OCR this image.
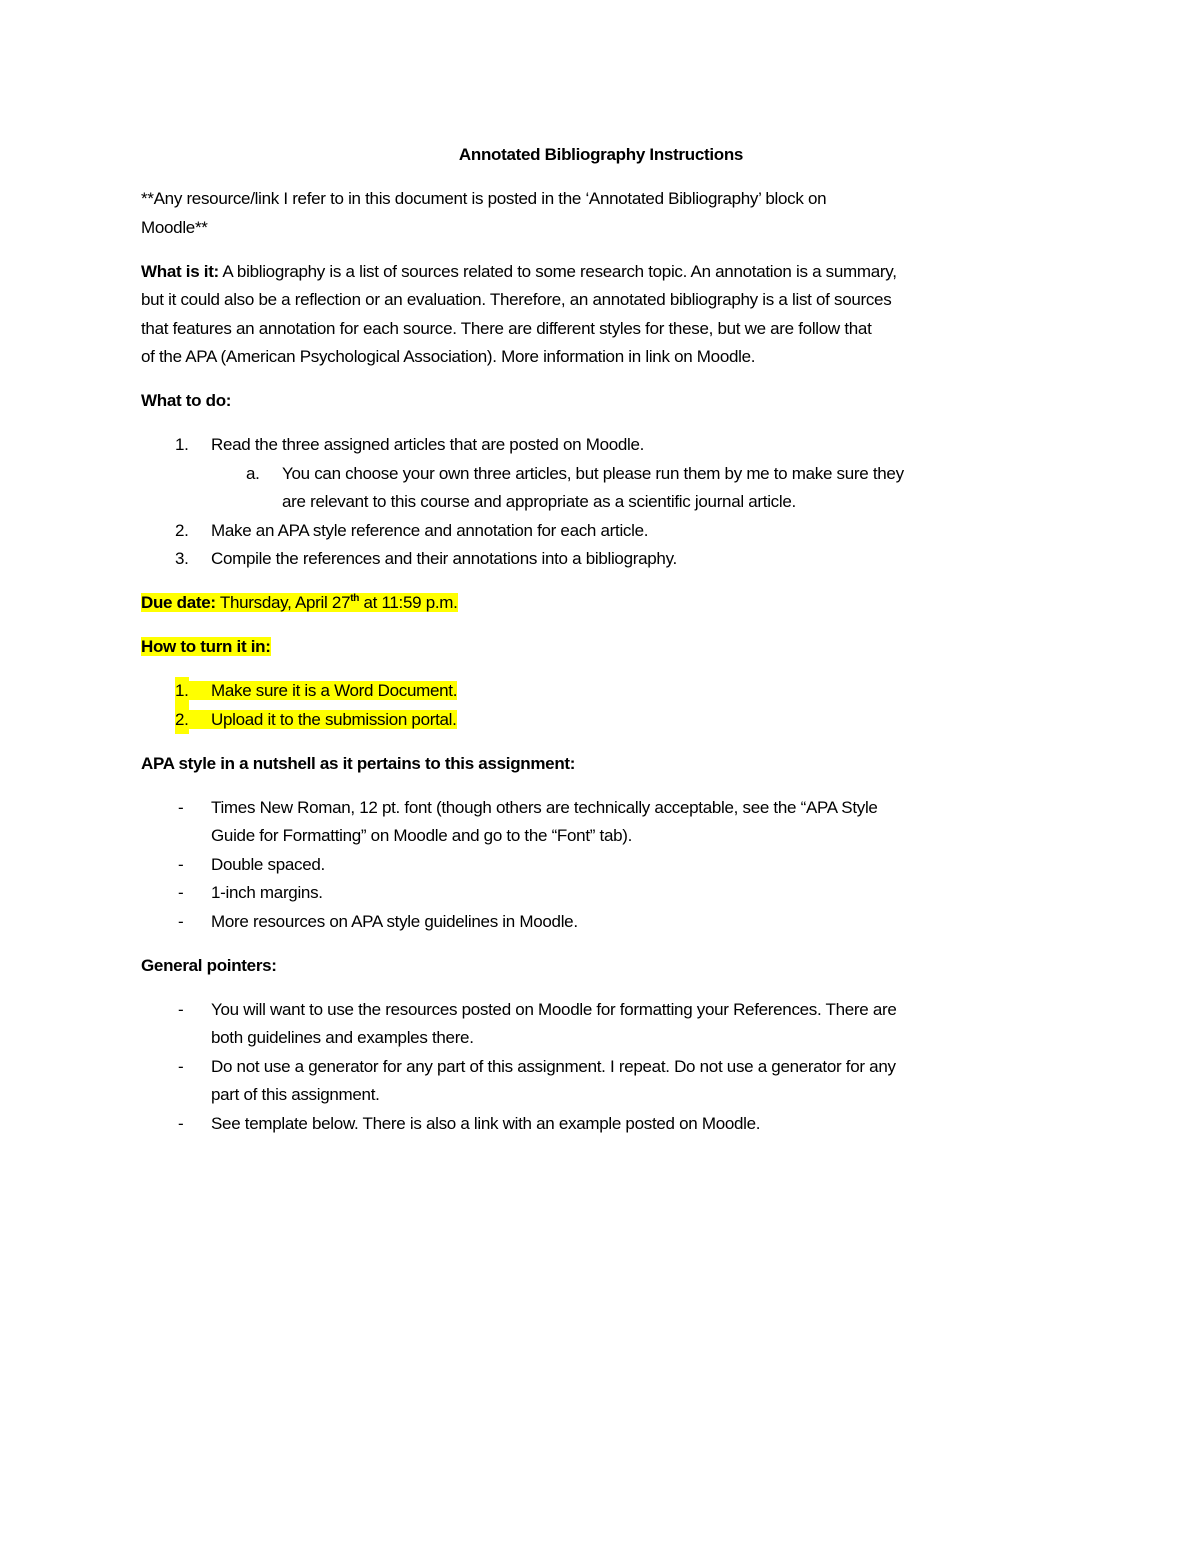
Annotated Bibliography Instructions

**Any resource/link I refer to in this document is posted in the ‘Annotated Bibliography’ block on
Moodle**

What is it: A bibliography is a list of sources related to some research topic. An annotation is a summary,
but it could also be a reflection or an evaluation. Therefore, an annotated bibliography is a list of sources
that features an annotation for each source. There are different styles for these, but we are follow that
of the APA (American Psychological Association). More information in link on Moodle.

What to do:

1. Read the three assigned articles that are posted on Moodle.
a. You can choose your own three articles, but please run them by me to make sure they
are relevant to this course and appropriate as a scientific journal article.
2. Make an APA style reference and annotation for each article.
3. Compile the references and their annotations into a bibliography.

Due date: Thursday, April 27th at 11:59 p.m.

How to turn it in:

1. Make sure it is a Word Document.
2. Upload it to the submission portal.

APA style in a nutshell as it pertains to this assignment:

- Times New Roman, 12 pt. font (though others are technically acceptable, see the “APA Style
Guide for Formatting” on Moodle and go to the “Font” tab).
- Double spaced.
- 1-inch margins.
- More resources on APA style guidelines in Moodle.

General pointers:

- You will want to use the resources posted on Moodle for formatting your References. There are
both guidelines and examples there.
- Do not use a generator for any part of this assignment. I repeat. Do not use a generator for any
part of this assignment.
- See template below. There is also a link with an example posted on Moodle.
